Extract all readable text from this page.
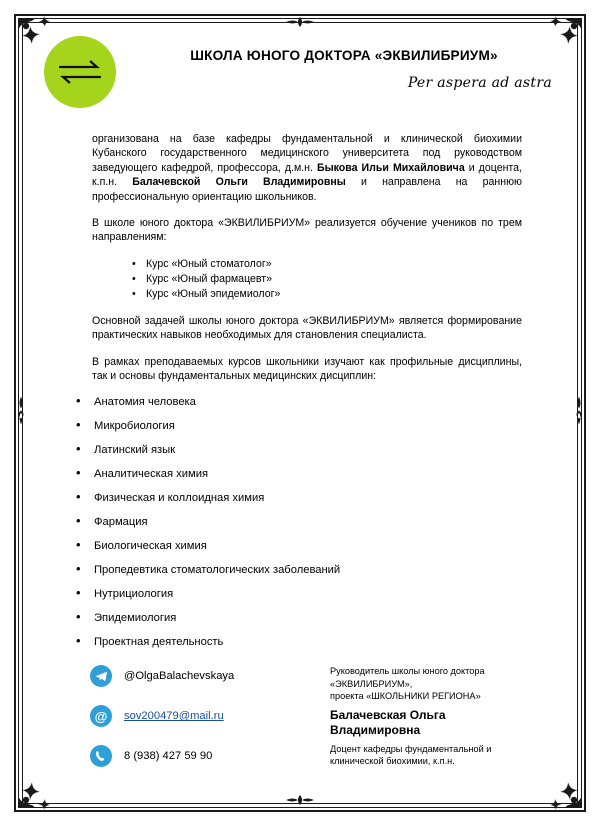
ШКОЛА ЮНОГО ДОКТОРА «ЭКВИЛИБРИУМ»
Per aspera ad astra

организована на базе кафедры фундаментальной и клинической биохимии Кубанского государственного медицинского университета под руководством заведующего кафедрой, профессора, д.м.н. Быкова Ильи Михайловича и доцента, к.п.н. Балачевской Ольги Владимировны и направлена на раннюю профессиональную ориентацию школьников.

В школе юного доктора «ЭКВИЛИБРИУМ» реализуется обучение учеников по трем направлениям:

• Курс «Юный стоматолог»
• Курс «Юный фармацевт»
• Курс «Юный эпидемиолог»

Основной задачей школы юного доктора «ЭКВИЛИБРИУМ» является формирование практических навыков необходимых для становления специалиста.

В рамках преподаваемых курсов школьники изучают как профильные дисциплины, так и основы фундаментальных медицинских дисциплин:

• Анатомия человека
• Микробиология
• Латинский язык
• Аналитическая химия
• Физическая и коллоидная химия
• Фармация
• Биологическая химия
• Пропедевтика стоматологических заболеваний
• Нутрициология
• Эпидемиология
• Проектная деятельность
@OlgaBalachevskaya
@	sov200479@mail.ru
8 (938) 427 59 90
Руководитель школы юного доктора
«ЭКВИЛИБРИУМ»,
проекта «ШКОЛЬНИКИ РЕГИОНА»
Балачевская Ольга
Владимировна
Доцент кафедры фундаментальной и
клинической биохимии, к.п.н.
